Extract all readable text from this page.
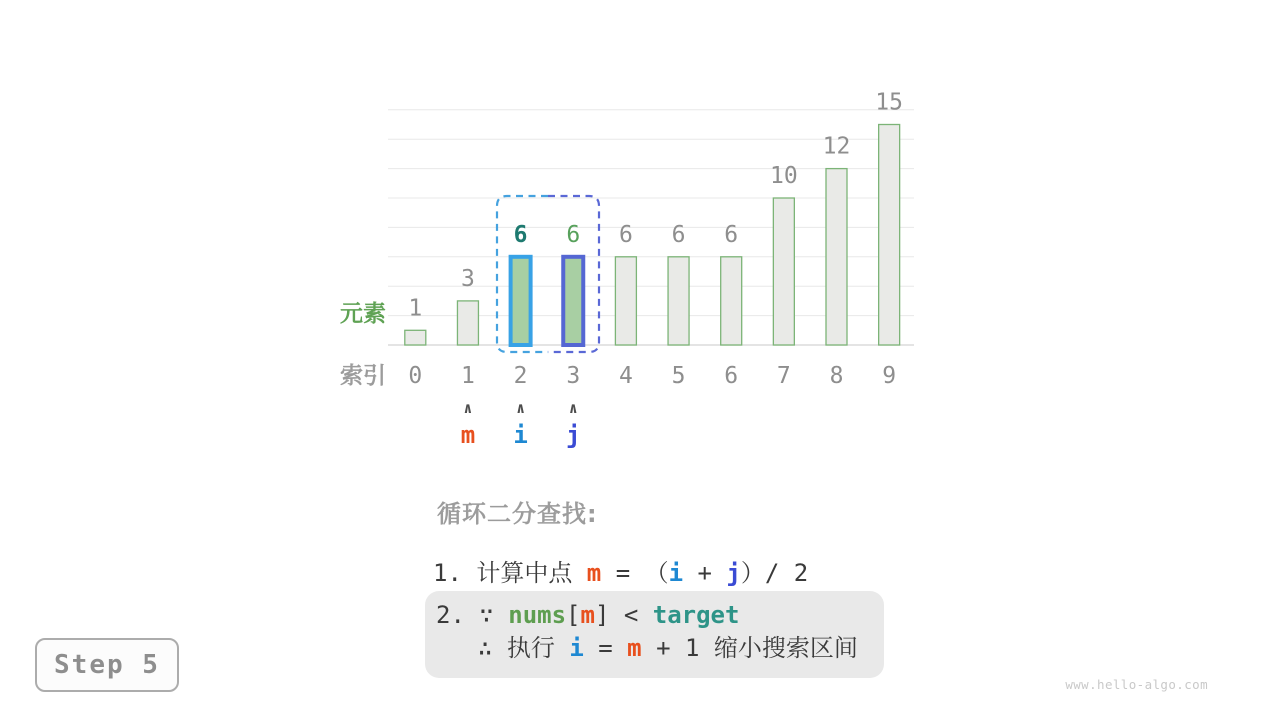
1
3
6 6 6 6 6
10
12
15
0 1 2 3 4 5 6 7 8 9
元素
索引
∧
m
∧
i
∧
j
循环二分查找:
1. 计算中点 m = （i + j）/ 2
2. ∵ nums[m] < target
∴ 执行 i = m + 1 缩小搜索区间
Step 5
www.hello-algo.com
